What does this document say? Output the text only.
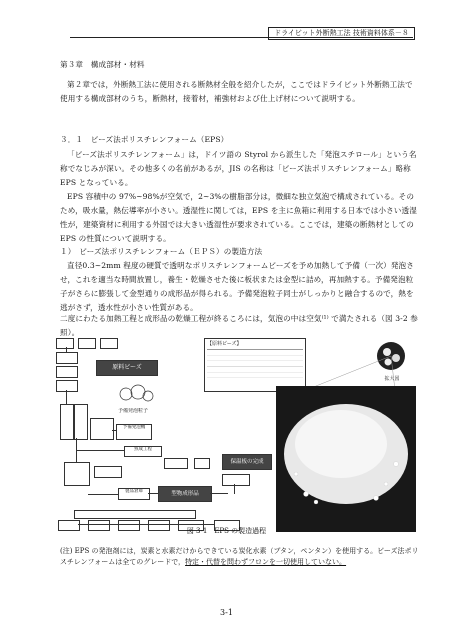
ドライビット外断熱工法 技術資料体系－８
第３章　構成部材・材料
第２章では，外断熱工法に使用される断熱材全般を紹介したが，ここではドライビット外断熱工法で使用する構成部材のうち，断熱材，接着材，補強材および仕上げ材について説明する。
３．１　ビーズ法ポリスチレンフォーム（EPS）
「ビーズ法ポリスチレンフォーム」は，ドイツ語の Styrol から派生した「発泡スチロール」という名称でなじみが深い。その他多くの名前があるが，JIS の名称は「ビーズ法ポリスチレンフォーム」略称 EPS となっている。
EPS 容積中の 97%~98%が空気で，2~3%の樹脂部分は，微細な独立気泡で構成されている。そのため，吸水量，熱伝導率が小さい。透湿性に関しては，EPS を主に魚箱に利用する日本では小さい透湿性が，建築資材に利用する外国では大きい透湿性が要求されている。ここでは，建築の断熱材としての EPS の性質について説明する。
１）　ビーズ法ポリスチレンフォーム（ＥＰＳ）の製造方法
直径0.3~2mm 程度の硬質で透明なポリスチレンフォームビーズを予め加熱して予備（一次）発泡させ，これを適当な時間放置し，養生・乾燥させた後に板状または金型に詰め，再加熱する。予備発泡粒子がさらに膨張して金型通りの成形品が得られる。予備発泡粒子同士がしっかりと融合するので，熱を逃がさず，透水性が小さい性質がある。
二度にわたる加熱工程と成形品の乾燥工程が終るころには，気泡の中は空気⁽¹⁾ で満たされる（図 3-2 参照）。
原料ビーズ
予備発泡粒子
予備発泡機
熟成工程
型物成形品
製品倉庫
保温板の完成
【原料ビーズ】
拡大図
図 3-1　EPS の製造過程
(注) EPS の発泡剤には，炭素と水素だけからできている炭化水素（ブタン，ペンタン）を使用する。ビーズ法ポリスチレンフォームは全てのグレードで，特定・代替を問わずフロンを一切使用していない。
3-1
